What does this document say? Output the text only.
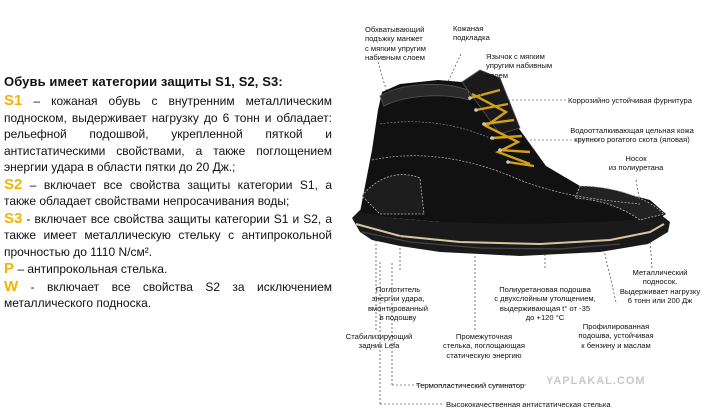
Обувь имеет категории защиты S1, S2, S3:

S1 – кожаная обувь с внутренним металлическим подноском, выдерживает нагрузку до 6 тонн и обладает: рельефной подошвой, укрепленной пяткой и антистатическими свойствами, а также поглощением энергии удара в области пятки до 20 Дж.;

S2 – включает все свойства защиты категории S1, а также обладает свойствами непросачивания воды;

S3 - включает все свойства защиты категории S1 и S2, а также имеет металлическую стельку с антипрокольной прочностью до 1110 N/cм².

P – антипрокольная стелька.

W - включает все свойства S2 за исключением металлического подноска.

YAPLAKAL.COM
Обхватывающий
подъжку манжет
с мягким упругим
набивным слоем
Кожаная
подкладка
Язычок с мягким
упругим набивным
слоем
Коррозийно устойчивая фурнитура
Водоотталкивающая цельная кожа
крупного рогатого скота (яловая)
Носок
из полиуретана
Металлический
подносок.
Выдерживает нагрузку
6 тонн или 200 Дж
Поглотитель
энергии удара,
вмонтированный
в подошву
Полиуретановая подошва
с двухслойным утолщением,
выдерживающая t° от -35
до +120 °С
Профилированная
подошва, устойчивая
к бензину и маслам
Стабилизирующий
задник Lefa
Промежуточная
стелька, поглощающая
статическую энергию
Термопластический супинатор
Высококачественная антистатическая стелька
